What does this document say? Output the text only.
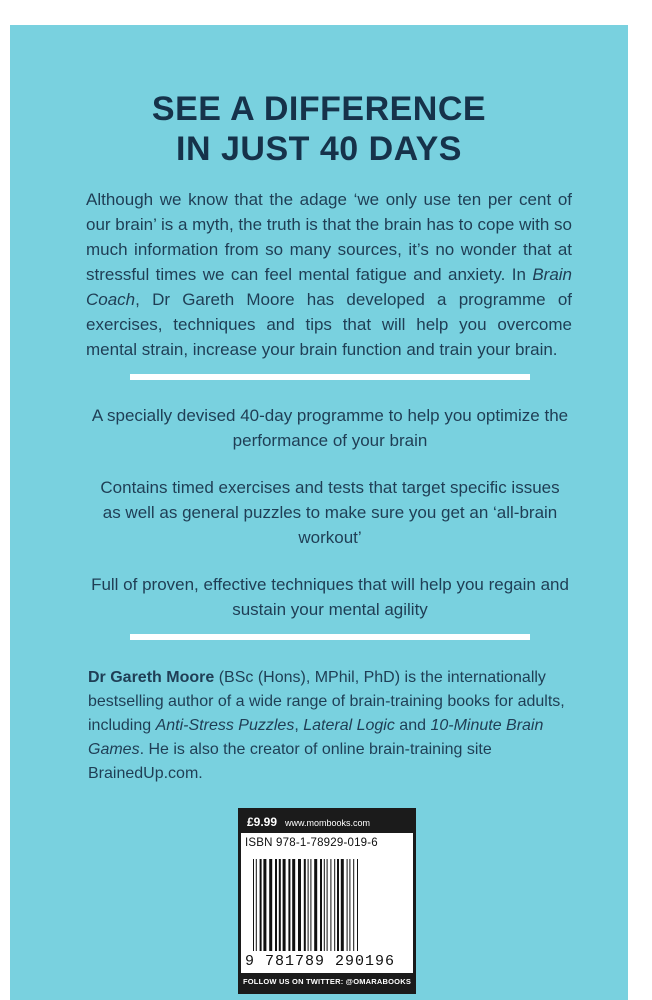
SEE A DIFFERENCE
IN JUST 40 DAYS
Although we know that the adage ‘we only use ten per cent of our brain’ is a myth, the truth is that the brain has to cope with so much information from so many sources, it’s no wonder that at stressful times we can feel mental fatigue and anxiety. In Brain Coach, Dr Gareth Moore has developed a programme of exercises, techniques and tips that will help you overcome mental strain, increase your brain function and train your brain.

A specially devised 40-day programme to help you optimize the performance of your brain

Contains timed exercises and tests that target specific issues as well as general puzzles to make sure you get an ‘all-brain workout’

Full of proven, effective techniques that will help you regain and sustain your mental agility

Dr Gareth Moore (BSc (Hons), MPhil, PhD) is the internationally bestselling author of a wide range of brain-training books for adults, including Anti-Stress Puzzles, Lateral Logic and 10-Minute Brain Games. He is also the creator of online brain-training site BrainedUp.com.
£9.99 www.mombooks.com
ISBN 978-1-78929-019-6
9 781789 290196
FOLLOW US ON TWITTER: @OMARABOOKS
